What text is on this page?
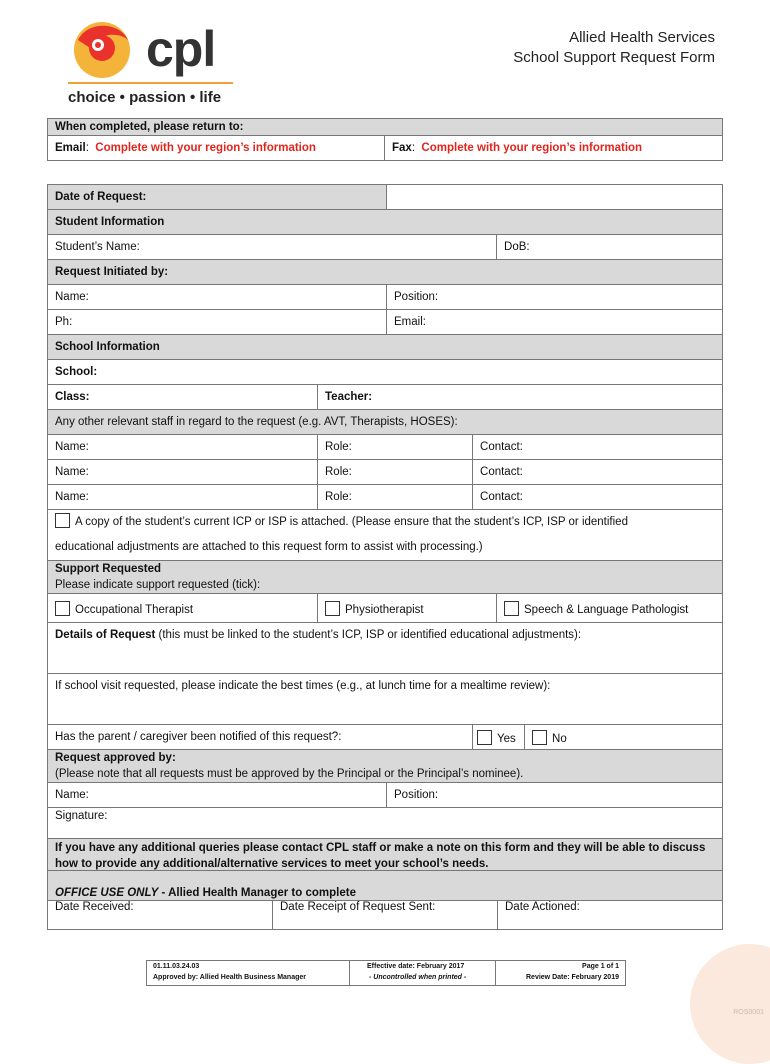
cpl
choice • passion • life
Allied Health Services
School Support Request Form
When completed, please return to:
Email:  Complete with your region’s information	Fax:  Complete with your region’s information
Date of Request:					
Student Information					
Student’s Name:				DoB:	
Request Initiated by:					
Name:		Position:			
Ph:		Email:			
School Information					
School:					
Class:	Teacher:				
Any other relevant staff in regard to the request (e.g. AVT, Therapists, HOSES):					
Name:	Role:		Contact:		
Name:	Role:		Contact:		
Name:	Role:		Contact:		
A copy of the student’s current ICP or ISP is attached. (Please ensure that the student’s ICP, ISP or identified
educational adjustments are attached to this request form to assist with processing.)					
Support Requested
Please indicate support requested (tick):					
Occupational Therapist	Physiotherapist			Speech & Language Pathologist	
Details of Request (this must be linked to the student’s ICP, ISP or identified educational adjustments):					
If school visit requested, please indicate the best times (e.g., at lunch time for a mealtime review):					
Has the parent / caregiver been notified of this request?:			Yes		No
Request approved by:
(Please note that all requests must be approved by the Principal or the Principal’s nominee).					
Name:		Position:			
Signature:					
If you have any additional queries please contact CPL staff or make a note on this form and they will be able to discuss how to provide any additional/alternative services to meet your school’s needs.					
OFFICE USE ONLY - Allied Health Manager to complete
Date Received:	Date Receipt of Request Sent:	Date Actioned:
01.11.03.24.03
Approved by: Allied Health Business Manager
Effective date: February 2017
- Uncontrolled when printed -
Page 1 of 1
Review Date: February 2019
ROS0001
